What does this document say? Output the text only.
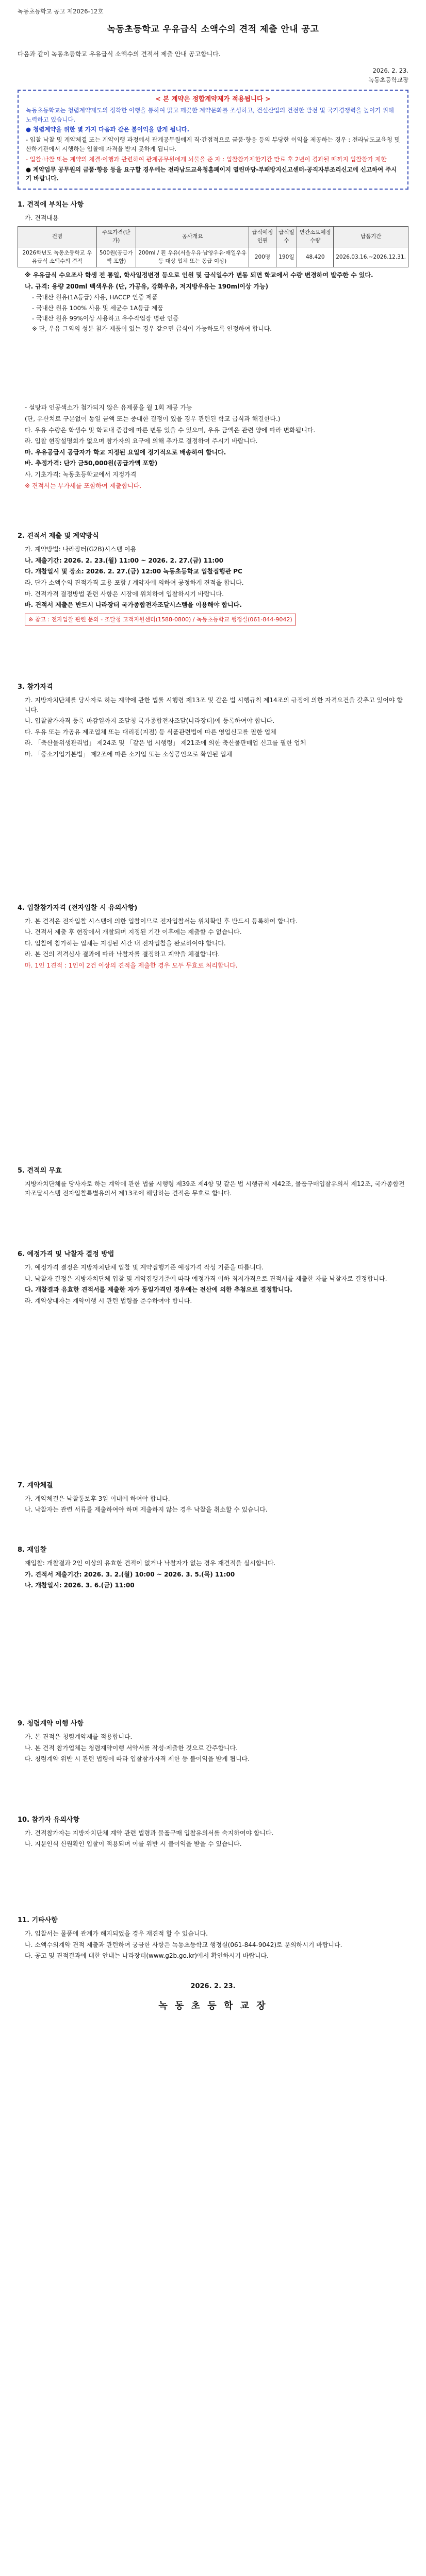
녹동초등학교 공고 제2026-12호
녹동초등학교 우유급식 소액수의 견적 제출 안내 공고

다음과 같이 녹동초등학교 우유급식 소액수의 견적서 제출 안내 공고합니다.

2026. 2. 23.

녹동초등학교장

< 본 계약은 정합계약제가 적용됩니다 >

녹동초등학교는 청렴계약제도의 정착한 이행을 통하여 맑고 깨끗한 계약문화를 조성하고, 건설산업의 건전한 발전 및 국가경쟁력을 높이기 위해 노력하고 있습니다.

● 청렴계약을 위한 몇 가지 다음과 같은 불이익을 받게 됩니다.

- 입찰 낙찰 및 계약체결 또는 계약이행 과정에서 관계공무원에게 직·간접적으로 금품·향응 등의 부당한 이익을 제공하는 경우 : 전라남도교육청 및 산하기관에서 시행하는 입찰에 자격을 받지 못하게 됩니다.

- 입찰·낙찰 또는 계약의 체결·이행과 관련하여 관계공무원에게 뇌물을 준 자 : 입찰참가제한기간 만료 후 2년이 경과될 때까지 입찰참가 제한

● 계약업무 공무원의 금품·향응 등을 요구할 경우에는 전라남도교육청홈페이지 열린마당-부패방지신고센터-공직자부조리신고에 신고하여 주시기 바랍니다.

1. 견적에 부치는 사항
가. 견적내용
건명	주요가격(단가)	공사개요	급식예정인원	급식일수	연간소요예정수량	납품기간
2026학년도 녹동초등학교 우유급식 소액수의 견적	500원(공급가액 포함)	200ml / 흰 우유(서울우유·남양우유·매일우유 등 대상 업체 또는 동급 이상)	200명	190일	48,420	2026.03.16.~2026.12.31.

※ 우유급식 수요조사 학생 전 통일, 학사일정변경 등으로 인원 및 급식일수가 변동 되면 학교에서 수량 변경하여 발주한 수 있다.

나. 규격: 용량 200ml 백색우유 (단, 가공유, 강화우유, 저지방우유는 190ml이상 가능)

- 국내산 원유(1A등급) 사용, HACCP 인증 제품

- 국내산 원유 100% 사용 및 세균수 1A등급 제품

- 국내산 원유 99%이상 사용하고 우수작업장 명판 인증

※ 단, 우유 그외의 성분 첨가 제품이 있는 경우 같으면 급식이 가능하도록 인정하여 합니다.

- 설탕과 인공색소가 첨가되지 않은 유제품을 월 1회 제공 가능

(단, 유산치료 구분없이 동일 금액 또는 중대한 결정이 있을 경우 관련된 학교 급식과 해결한다.)

다. 우유 수량은 학생수 및 학교내 증감에 따른 변동 있을 수 있으며, 우유 금액은 관련 양에 따라 변화됩니다.

라. 입찰 현장설명회가 없으며 참가자의 요구에 의해 추가로 결정하여 주시기 바랍니다.

마. 우유공급시 공급자가 학교 지정된 요일에 정기적으로 배송하여 합니다.

바. 추정가격: 단가 금50,000원(공급가액 포함)

사. 기초가격: 녹동초등학교에서 지정가격

※ 견적서는 부가세를 포함하여 제출합니다.

2. 견적서 제출 및 계약방식

가. 계약방법: 나라장터(G2B)시스템 이용

나. 제출기간: 2026. 2. 23.(월) 11:00 ~ 2026. 2. 27.(금) 11:00

다. 개찰일시 및 장소: 2026. 2. 27.(금) 12:00 녹동초등학교 입찰집행관 PC

라. 단가 소액수의 견적가격 고용 포함 / 계약자에 의하여 공정하게 견적을 합니다.

마. 견적가격 결정방법 관련 사항은 시장에 위치하여 입찰하시기 바랍니다.

바. 견적서 제출은 반드시 나라장터 국가종합전자조달시스템을 이용해야 합니다.

※ 참고 : 전자입찰 관련 문의 - 조달청 고객지원센터(1588-0800) / 녹동초등학교 행정실(061-844-9042)
3. 참가자격

가. 지방자치단체를 당사자로 하는 계약에 관한 법률 시행령 제13조 및 같은 법 시행규칙 제14조의 규정에 의한 자격요건을 갖추고 있어야 합니다.

나. 입찰참가자격 등록 마감일까지 조달청 국가종합전자조달(나라장터)에 등록하여야 합니다.

다. 우유 또는 가공유 제조업체 또는 대리점(지점) 등 식품관련법에 따른 영업신고를 필한 업체

라. 「축산물위생관리법」 제24조 및 「같은 법 시행령」 제21조에 의한 축산물판매업 신고를 필한 업체

마. 「중소기업기본법」 제2조에 따른 소기업 또는 소상공인으로 확인된 업체

4. 입찰참가자격 (전자입찰 시 유의사항)

가. 본 견적은 전자입찰 시스템에 의한 입찰이므로 전자입찰서는 위치확인 후 반드시 등록하여 합니다.

나. 견적서 제출 후 현장에서 개찰되며 지정된 기간 이후에는 제출할 수 없습니다.

다. 입찰에 참가하는 업체는 지정된 시간 내 전자입찰을 완료하여야 합니다.

라. 본 건의 적격심사 결과에 따라 낙찰자를 결정하고 계약을 체결합니다.

마. 1인 1견적 : 1인이 2건 이상의 견적을 제출한 경우 모두 무효로 처리합니다.

5. 견적의 무효

지방자치단체를 당사자로 하는 계약에 관한 법률 시행령 제39조 제4항 및 같은 법 시행규칙 제42조, 물품구매입찰유의서 제12조, 국가종합전자조달시스템 전자입찰특별유의서 제13조에 해당하는 견적은 무효로 합니다.

6. 예정가격 및 낙찰자 결정 방법

가. 예정가격 결정은 지방자치단체 입찰 및 계약집행기준 예정가격 작성 기준을 따릅니다.

나. 낙찰자 결정은 지방자치단체 입찰 및 계약집행기준에 따라 예정가격 이하 최저가격으로 견적서를 제출한 자를 낙찰자로 결정합니다.

다. 개찰결과 유효한 견적서를 제출한 자가 동일가격인 경우에는 전산에 의한 추첨으로 결정합니다.

라. 계약상대자는 계약이행 시 관련 법령을 준수하여야 합니다.

7. 계약체결

가. 계약체결은 낙찰통보후 3일 이내에 하여야 합니다.

나. 낙찰자는 관련 서류를 제출하여야 하며 제출하지 않는 경우 낙찰을 취소할 수 있습니다.

8. 재입찰

재입찰: 개찰결과 2인 이상의 유효한 견적이 없거나 낙찰자가 없는 경우 재견적을 실시합니다.

가. 견적서 제출기간: 2026. 3. 2.(월) 10:00 ~ 2026. 3. 5.(목) 11:00

나. 개찰일시: 2026. 3. 6.(금) 11:00

9. 청렴계약 이행 사항

가. 본 견적은 청렴계약제를 적용합니다.

나. 본 견적 참가업체는 청렴계약이행 서약서를 작성·제출한 것으로 간주합니다.

다. 청렴계약 위반 시 관련 법령에 따라 입찰참가자격 제한 등 불이익을 받게 됩니다.

10. 참가자 유의사항

가. 견적참가자는 지방자치단체 계약 관련 법령과 물품구매 입찰유의서를 숙지하여야 합니다.

나. 지문인식 신원확인 입찰이 적용되며 이를 위반 시 불이익을 받을 수 있습니다.

11. 기타사항

가. 입찰서는 물품에 관계가 해지되었을 경우 재견적 할 수 있습니다.

나. 소액수의계약 견적 제출과 관련하여 궁금한 사항은 녹동초등학교 행정실(061-844-9042)로 문의하시기 바랍니다.

다. 공고 및 견적결과에 대한 안내는 나라장터(www.g2b.go.kr)에서 확인하시기 바랍니다.

2026. 2. 23.
녹 동 초 등 학 교 장
